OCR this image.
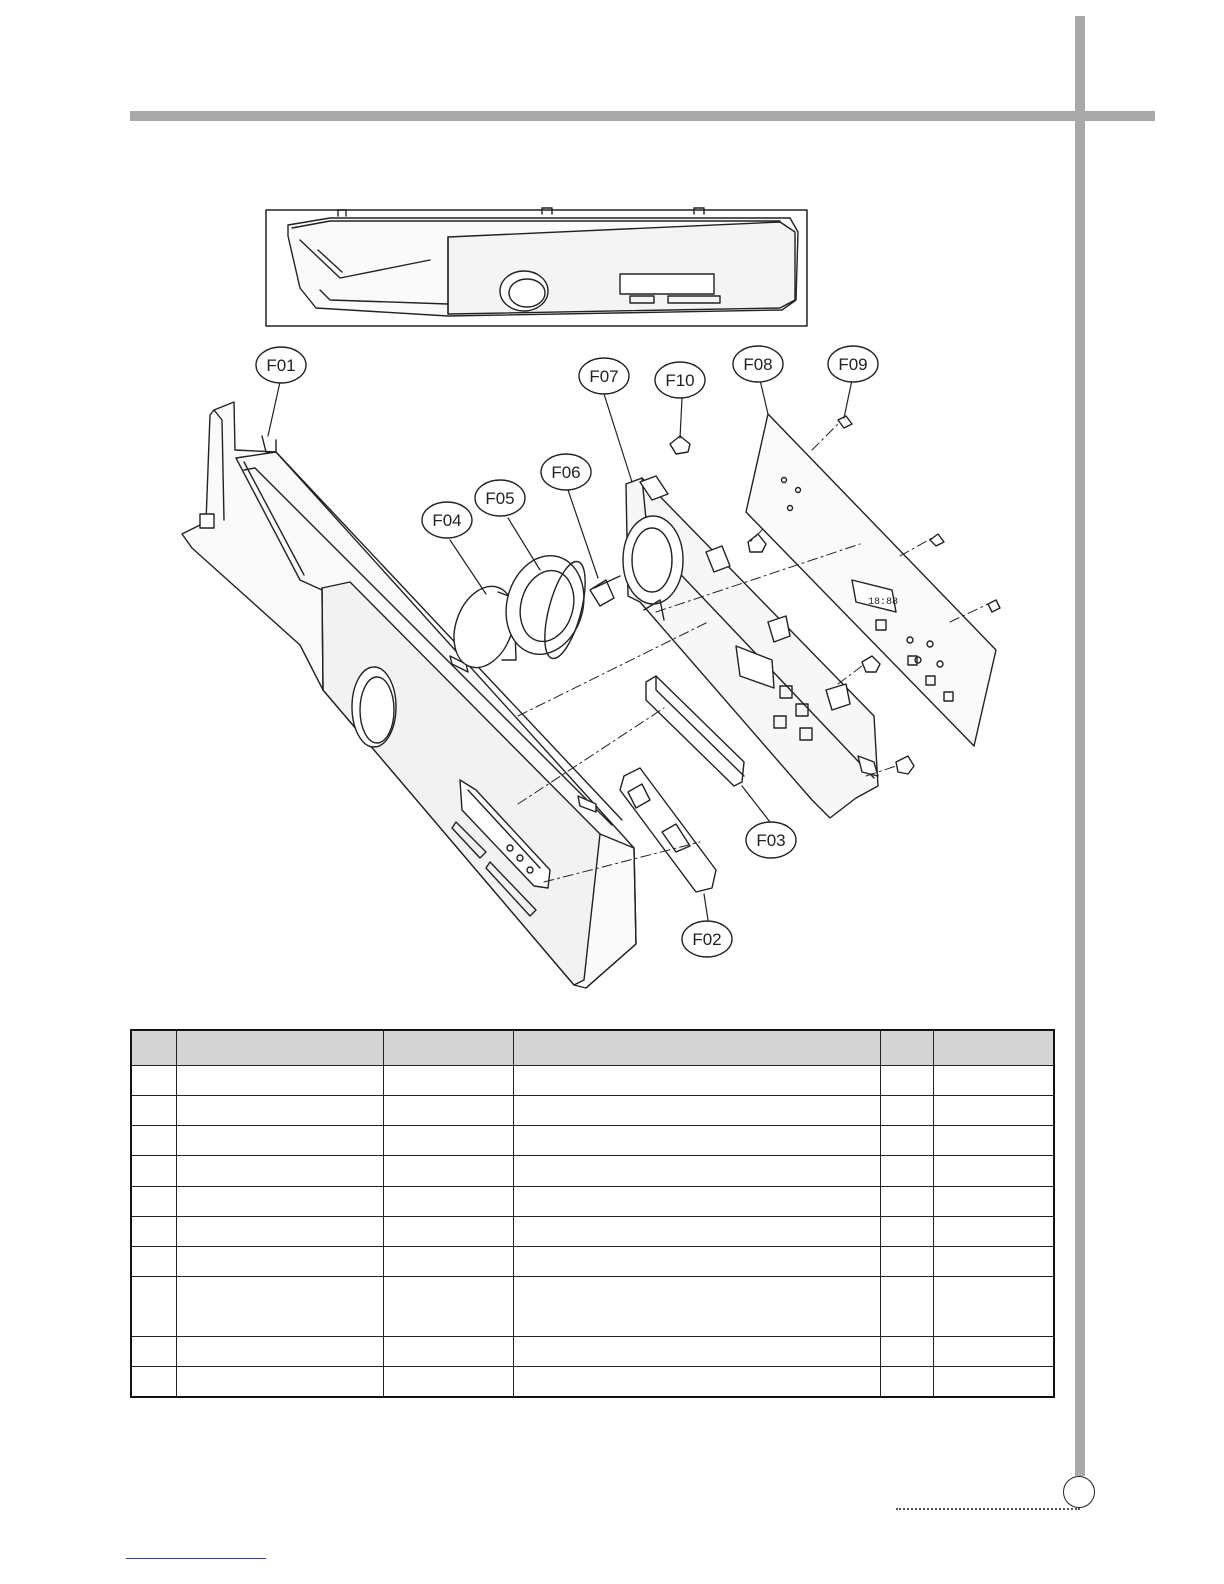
18:88
F01
F02
F03
F04
F05
F06
F07
F08	F09
F10
